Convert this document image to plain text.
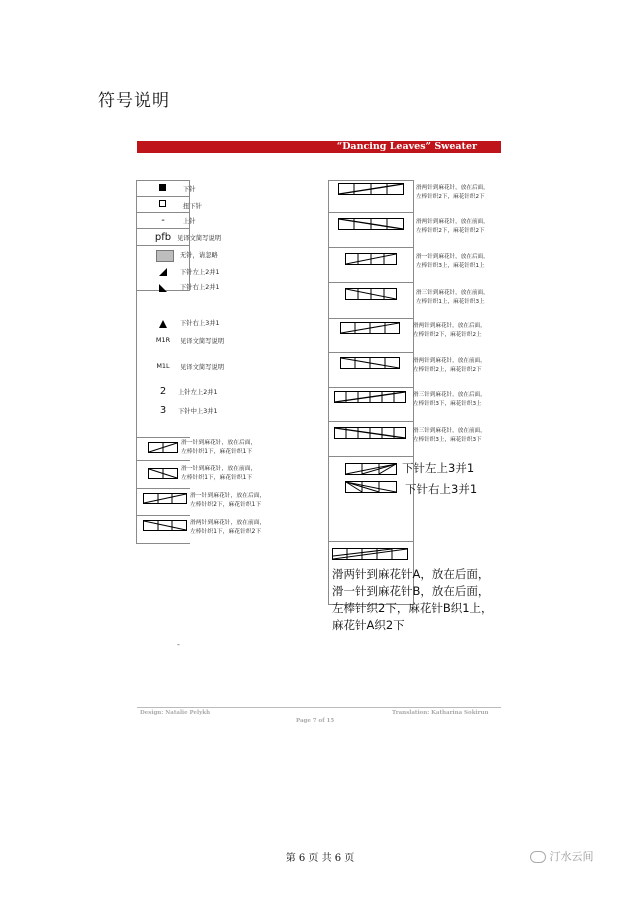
符号说明
“Dancing Leaves” Sweater
-
pfb
M1R
M1L
2
3
下针
扭下针
上针
见译文简写说明
无针，请忽略
下针左上2并1
下针右上2并1
下针右上3并1
见译文简写说明
见译文简写说明
上针左上2并1
下针中上3并1
滑一针到麻花针，放在后面，
左棒针织1下，麻花针织1下
滑一针到麻花针，放在前面，
左棒针织1下，麻花针织1下
滑一针到麻花针，放在后面，
左棒针织2下，麻花针织1下
滑两针到麻花针，放在前面，
左棒针织1下，麻花针织2下
-
滑两针到麻花针，放在后面，
左棒针织2下，麻花针织2下
滑两针到麻花针，放在前面，
左棒针织2下，麻花针织2下
滑一针到麻花针，放在后面，
左棒针织3上，麻花针织1上
滑三针到麻花针，放在前面，
左棒针织1上，麻花针织3上
滑两针到麻花针，放在后面，
左棒针织2下，麻花针织2上
滑两针到麻花针，放在前面，
左棒针织2上，麻花针织2下
滑三针到麻花针，放在后面，
左棒针织3下，麻花针织3上
滑三针到麻花针，放在前面，
左棒针织3上，麻花针织3下
下针左上3并1
下针右上3并1
滑两针到麻花针A，放在后面，
滑一针到麻花针B，放在后面，
左棒针织2下，麻花针B织1上，
麻花针A织2下
Design: Natalie Pelykh	Translation: Katharina Sokirun
Page 7 of 15
第 6 页 共 6 页	汀水云间
